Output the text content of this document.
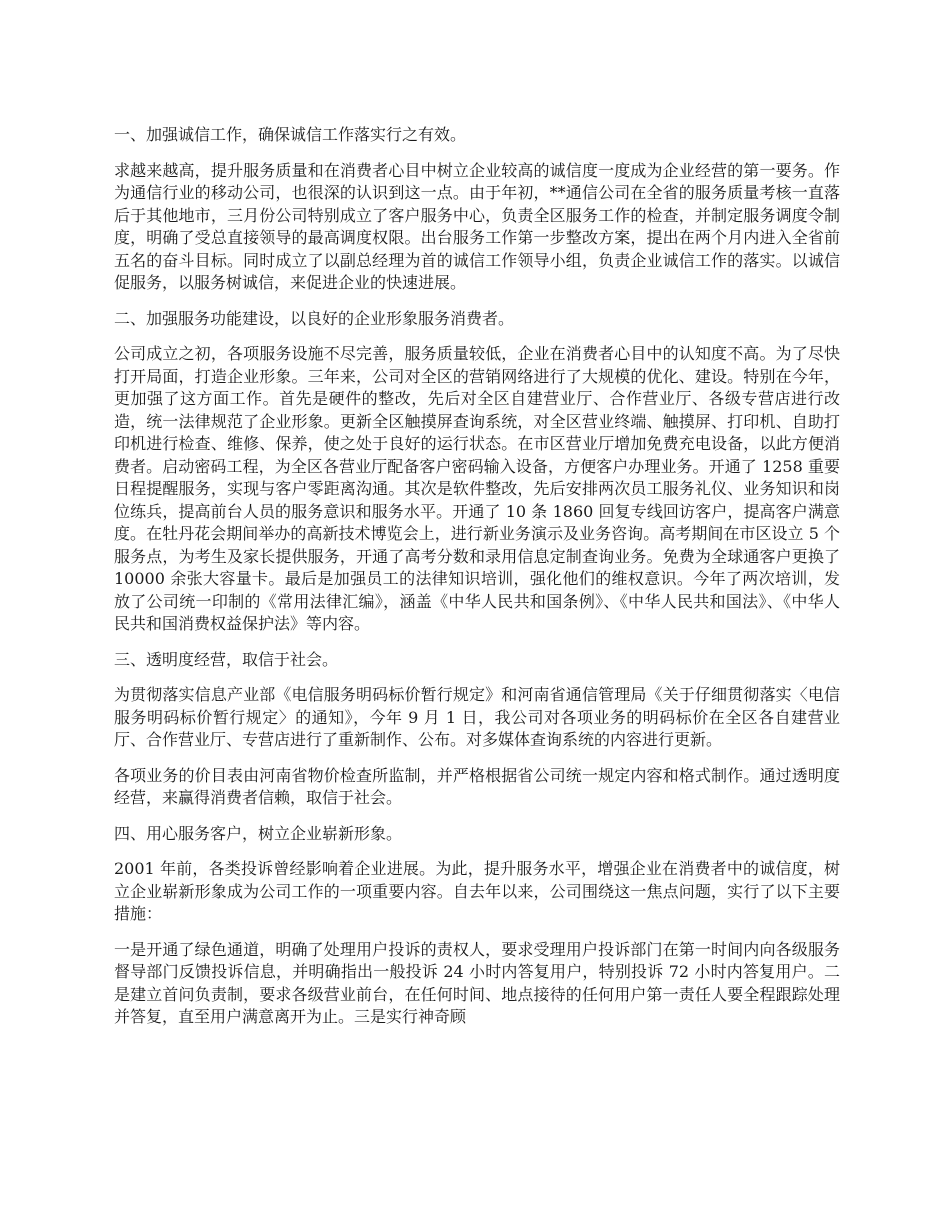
一、加强诚信工作，确保诚信工作落实行之有效。

求越来越高，提升服务质量和在消费者心目中树立企业较高的诚信度一度成为企业经营的第一要务。作为通信行业的移动公司，也很深的认识到这一点。由于年初，**通信公司在全省的服务质量考核一直落后于其他地市，三月份公司特别成立了客户服务中心，负责全区服务工作的检查，并制定服务调度令制度，明确了受总直接领导的最高调度权限。出台服务工作第一步整改方案，提出在两个月内进入全省前五名的奋斗目标。同时成立了以副总经理为首的诚信工作领导小组，负责企业诚信工作的落实。以诚信促服务，以服务树诚信，来促进企业的快速进展。

二、加强服务功能建设，以良好的企业形象服务消费者。

公司成立之初，各项服务设施不尽完善，服务质量较低，企业在消费者心目中的认知度不高。为了尽快打开局面，打造企业形象。三年来，公司对全区的营销网络进行了大规模的优化、建设。特别在今年，更加强了这方面工作。首先是硬件的整改，先后对全区自建营业厅、合作营业厅、各级专营店进行改造，统一法律规范了企业形象。更新全区触摸屏查询系统，对全区营业终端、触摸屏、打印机、自助打印机进行检查、维修、保养，使之处于良好的运行状态。在市区营业厅增加免费充电设备，以此方便消费者。启动密码工程，为全区各营业厅配备客户密码输入设备，方便客户办理业务。开通了 1258 重要日程提醒服务，实现与客户零距离沟通。其次是软件整改，先后安排两次员工服务礼仪、业务知识和岗位练兵，提高前台人员的服务意识和服务水平。开通了 10 条 1860 回复专线回访客户，提高客户满意度。在牡丹花会期间举办的高新技术博览会上，进行新业务演示及业务咨询。高考期间在市区设立 5 个服务点，为考生及家长提供服务，开通了高考分数和录用信息定制查询业务。免费为全球通客户更换了 10000 余张大容量卡。最后是加强员工的法律知识培训，强化他们的维权意识。今年了两次培训，发放了公司统一印制的《常用法律汇编》，涵盖《中华人民共和国条例》、《中华人民共和国法》、《中华人民共和国消费权益保护法》等内容。

三、透明度经营，取信于社会。

为贯彻落实信息产业部《电信服务明码标价暂行规定》和河南省通信管理局《关于仔细贯彻落实〈电信服务明码标价暂行规定〉的通知》，今年 9 月 1 日，我公司对各项业务的明码标价在全区各自建营业厅、合作营业厅、专营店进行了重新制作、公布。对多媒体查询系统的内容进行更新。

各项业务的价目表由河南省物价检查所监制，并严格根据省公司统一规定内容和格式制作。通过透明度经营，来赢得消费者信赖，取信于社会。

四、用心服务客户，树立企业崭新形象。

2001 年前，各类投诉曾经影响着企业进展。为此，提升服务水平，增强企业在消费者中的诚信度，树立企业崭新形象成为公司工作的一项重要内容。自去年以来，公司围绕这一焦点问题，实行了以下主要措施：

一是开通了绿色通道，明确了处理用户投诉的责权人，要求受理用户投诉部门在第一时间内向各级服务督导部门反馈投诉信息，并明确指出一般投诉 24 小时内答复用户，特别投诉 72 小时内答复用户。二是建立首问负责制，要求各级营业前台，在任何时间、地点接待的任何用户第一责任人要全程跟踪处理并答复，直至用户满意离开为止。三是实行神奇顾
